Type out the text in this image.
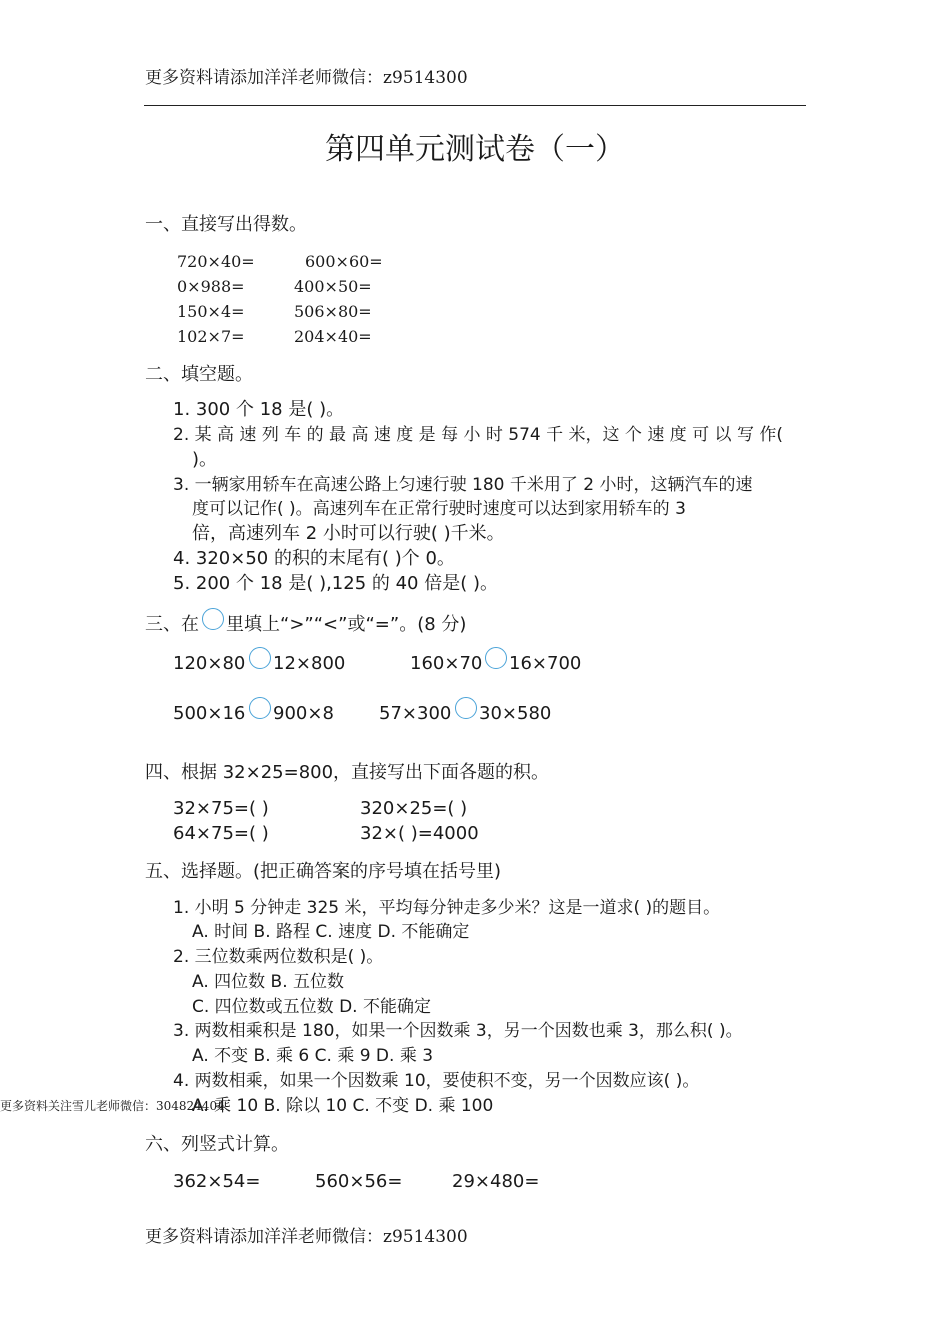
更多资料请添加洋洋老师微信：z9514300
第四单元测试卷（一）
一、直接写出得数。
720×40=	600×60=
0×988=	400×50=
150×4=	506×80=
102×7=	204×40=
二、填空题。
1. 300 个 18 是( )。
2. 某 高 速 列 车 的 最 高 速 度 是 每 小 时 574 千 米，这 个 速 度 可 以 写 作(
)。
3. 一辆家用轿车在高速公路上匀速行驶 180 千米用了 2 小时，这辆汽车的速
度可以记作( )。高速列车在正常行驶时速度可以达到家用轿车的 3
倍，高速列车 2 小时可以行驶( )千米。
4. 320×50 的积的末尾有( )个 0。
5. 200 个 18 是( ),125 的 40 倍是( )。
三、在 里填上“>”“<”或“=”。(8 分)
120×80 12×800	160×70 16×700
500×16 900×8	57×300 30×580
四、根据 32×25=800，直接写出下面各题的积。
32×75=( )	320×25=( )
64×75=( )	32×( )=4000
五、选择题。(把正确答案的序号填在括号里)
1. 小明 5 分钟走 325 米，平均每分钟走多少米？这是一道求( )的题目。
A. 时间 B. 路程 C. 速度 D. 不能确定
2. 三位数乘两位数积是( )。
A. 四位数 B. 五位数
C. 四位数或五位数 D. 不能确定
3. 两数相乘积是 180，如果一个因数乘 3，另一个因数也乘 3，那么积( )。
A. 不变 B. 乘 6 C. 乘 9 D. 乘 3
4. 两数相乘，如果一个因数乘 10，要使积不变，另一个因数应该( )。
A. 乘 10 B. 除以 10 C. 不变 D. 乘 100
更多资料关注雪儿老师微信：304824404
六、列竖式计算。
362×54=	560×56=	29×480=
更多资料请添加洋洋老师微信：z9514300
